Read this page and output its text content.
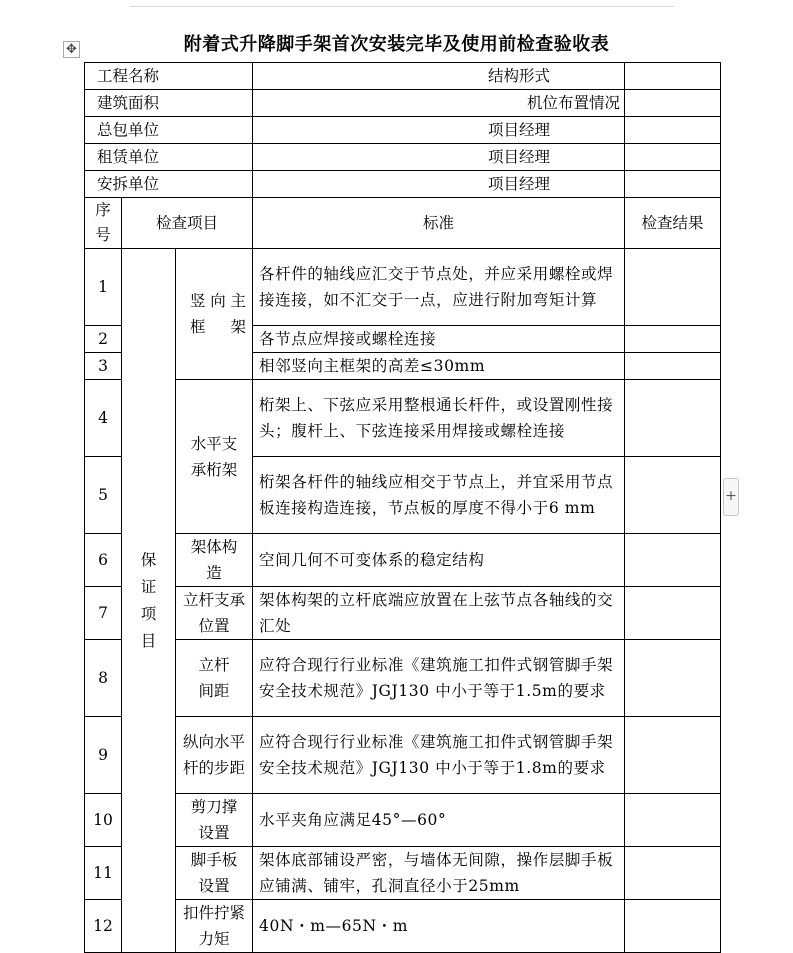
✥
+
附着式升降脚手架首次安装完毕及使用前检查验收表
工程名称				结构形式	
建筑面积				机位布置情况	
总包单位				项目经理	
租赁单位				项目经理	
安拆单位				项目经理	
序号	检查项目		标准		检查结果
1	保证项目	竖向主框架	各杆件的轴线应汇交于节点处，并应采用螺栓或焊接连接，如不汇交于一点，应进行附加弯矩计算		
2			各节点应焊接或螺栓连接		
3			相邻竖向主框架的高差≤30mm		
4		水平支承桁架	桁架上、下弦应采用整根通长杆件，或设置刚性接头；腹杆上、下弦连接采用焊接或螺栓连接		
5			桁架各杆件的轴线应相交于节点上，并宜采用节点板连接构造连接，节点板的厚度不得小于6 mm		
6		架体构造	空间几何不可变体系的稳定结构		
7		立杆支承位置	架体构架的立杆底端应放置在上弦节点各轴线的交汇处		
8		立杆间距	应符合现行行业标准《建筑施工扣件式钢管脚手架安全技术规范》JGJ130 中小于等于1.5m的要求		
9		纵向水平杆的步距	应符合现行行业标准《建筑施工扣件式钢管脚手架安全技术规范》JGJ130 中小于等于1.8m的要求		
10		剪刀撑设置	水平夹角应满足45°—60°		
11		脚手板设置	架体底部铺设严密，与墙体无间隙，操作层脚手板应铺满、铺牢，孔洞直径小于25mm		
12		扣件拧紧力矩	40N・m—65N・m		
